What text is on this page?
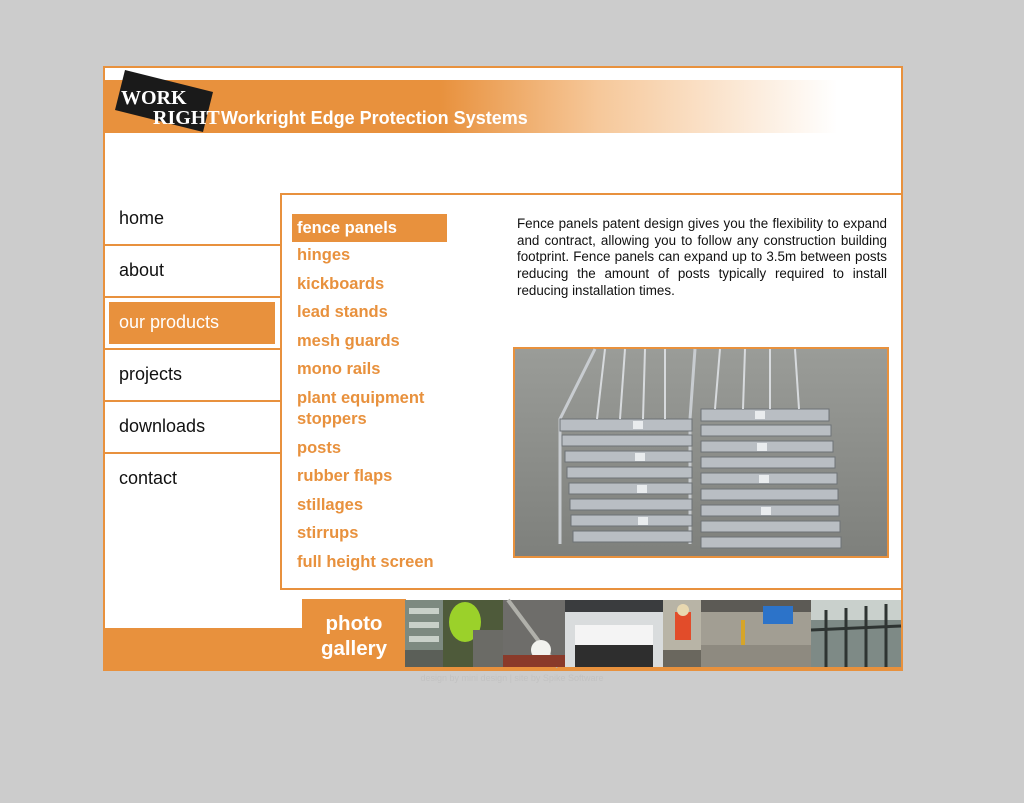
WORK
RIGHT Workright Edge Protection Systems
home
about
our products
projects
downloads
contact
fence panels
hinges
kickboards
lead stands
mesh guards
mono rails
plant equipment stoppers
posts
rubber flaps
stillages
stirrups
full height screen
Fence panels patent design gives you the flexibility to expand and contract, allowing you to follow any construction building footprint. Fence panels can expand up to 3.5m between posts reducing the amount of posts typically required to install reducing installation times.
photo
gallery
design by mini design | site by Spike Software
